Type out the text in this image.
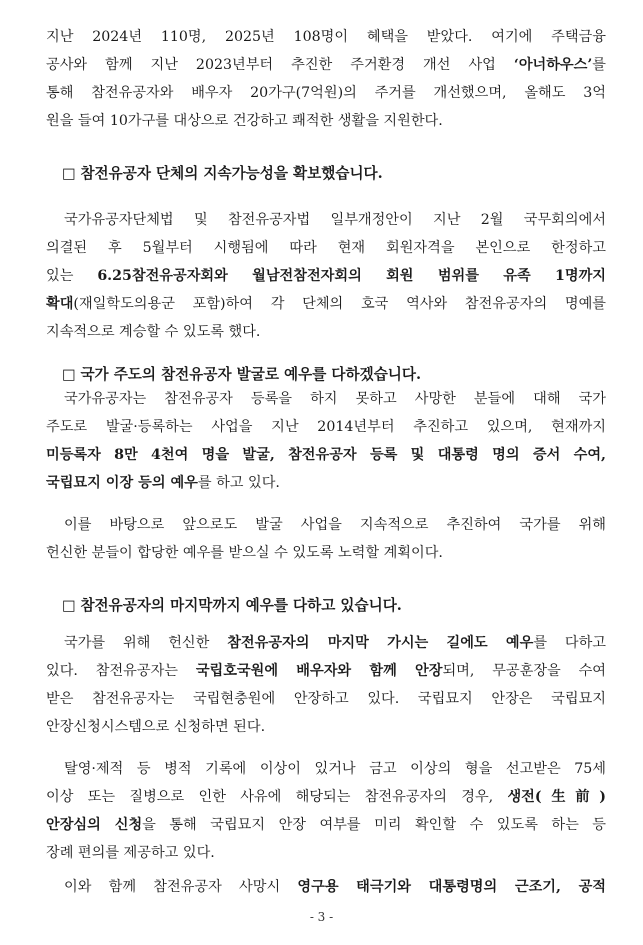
지난 2024년 110명, 2025년 108명이 혜택을 받았다. 여기에 주택금융

공사와 함께 지난 2023년부터 추진한 주거환경 개선 사업 ‘아너하우스’를

통해 참전유공자와 배우자 20가구(7억원)의 주거를 개선했으며, 올해도 3억

원을 들여 10가구를 대상으로 건강하고 쾌적한 생활을 지원한다.

□ 참전유공자 단체의 지속가능성을 확보했습니다.

국가유공자단체법 및 참전유공자법 일부개정안이 지난 2월 국무회의에서

의결된 후 5월부터 시행됨에 따라 현재 회원자격을 본인으로 한정하고

있는 6.25참전유공자회와 월남전참전자회의 회원 범위를 유족 1명까지

확대(재일학도의용군 포함)하여 각 단체의 호국 역사와 참전유공자의 명예를

지속적으로 계승할 수 있도록 했다.

□ 국가 주도의 참전유공자 발굴로 예우를 다하겠습니다.

국가유공자는 참전유공자 등록을 하지 못하고 사망한 분들에 대해 국가

주도로 발굴·등록하는 사업을 지난 2014년부터 추진하고 있으며, 현재까지

미등록자 8만 4천여 명을 발굴, 참전유공자 등록 및 대통령 명의 증서 수여,

국립묘지 이장 등의 예우를 하고 있다.

이를 바탕으로 앞으로도 발굴 사업을 지속적으로 추진하여 국가를 위해

헌신한 분들이 합당한 예우를 받으실 수 있도록 노력할 계획이다.

□ 참전유공자의 마지막까지 예우를 다하고 있습니다.

국가를 위해 헌신한 참전유공자의 마지막 가시는 길에도 예우를 다하고

있다. 참전유공자는 국립호국원에 배우자와 함께 안장되며, 무공훈장을 수여

받은 참전유공자는 국립현충원에 안장하고 있다. 국립묘지 안장은 국립묘지

안장신청시스템으로 신청하면 된다.

탈영·제적 등 병적 기록에 이상이 있거나 금고 이상의 형을 선고받은 75세

이상 또는 질병으로 인한 사유에 해당되는 참전유공자의 경우, 생전(生前)

안장심의 신청을 통해 국립묘지 안장 여부를 미리 확인할 수 있도록 하는 등

장례 편의를 제공하고 있다.

이와 함께 참전유공자 사망시 영구용 태극기와 대통령명의 근조기, 공적

- 3 -
